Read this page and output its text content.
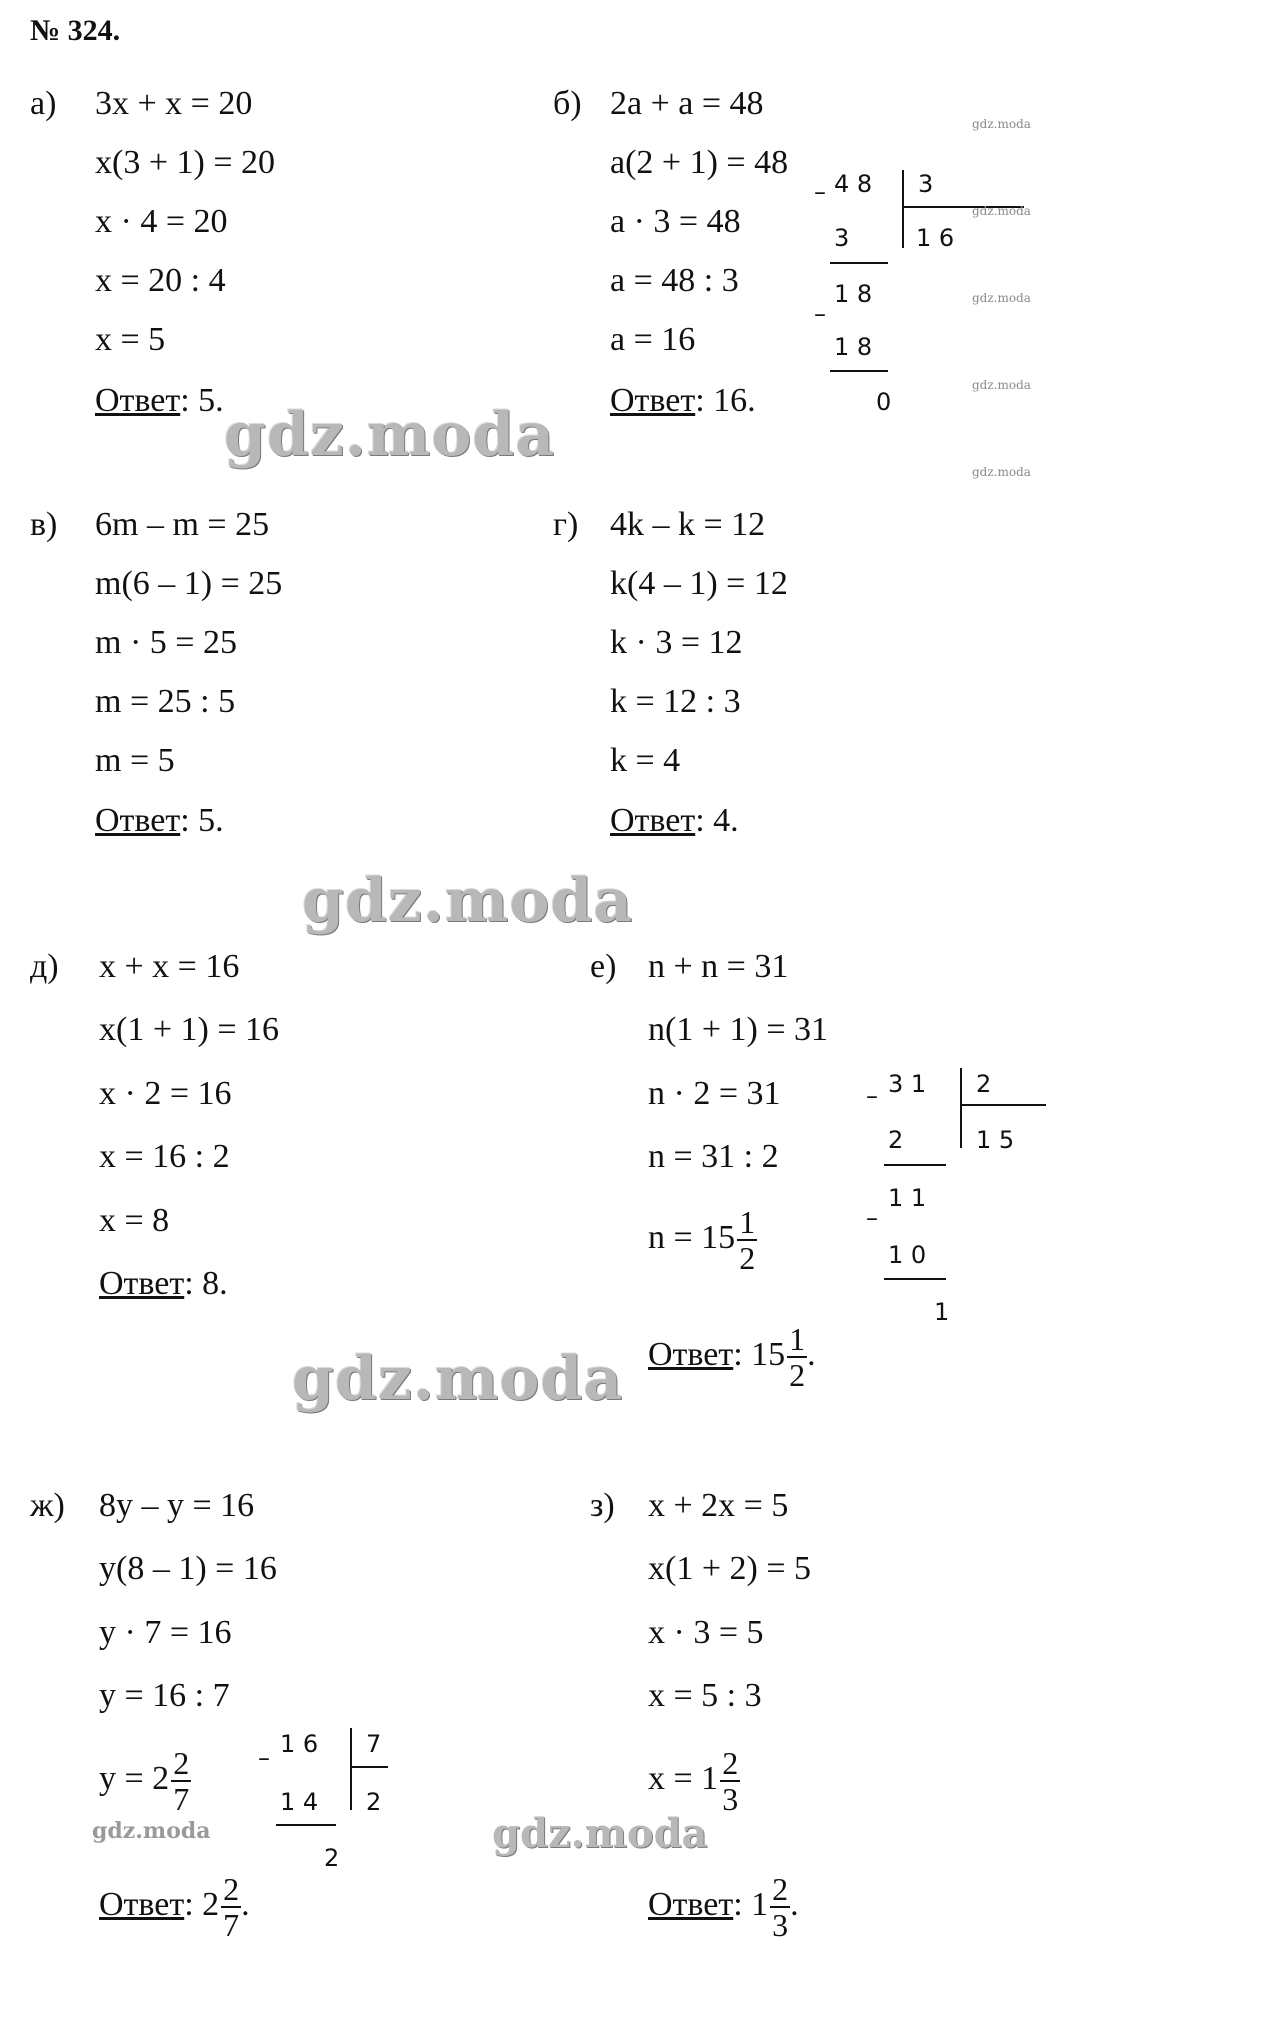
№ 324.
а) 3x + x = 20
x(3 + 1) = 20
x · 4 = 20
x = 20 : 4
x = 5
Ответ: 5.
б) 2a + a = 48
a(2 + 1) = 48
a · 3 = 48
a = 48 : 3
a = 16
Ответ: 16.
– 4 8 3
1 6
3
1 8
–
1 8
0
gdz.moda
gdz.moda
gdz.moda
gdz.moda
gdz.moda
gdz.moda
в) 6m – m = 25
m(6 – 1) = 25
m · 5 = 25
m = 25 : 5
m = 5
Ответ: 5.
г) 4k – k = 12
k(4 – 1) = 12
k · 3 = 12
k = 12 : 3
k = 4
Ответ: 4.
gdz.moda
д) x + x = 16
x(1 + 1) = 16
x · 2 = 16
x = 16 : 2
x = 8
Ответ: 8.
е) n + n = 31
n(1 + 1) = 31
n · 2 = 31
n = 31 : 2
$n = 15 \frac{1}{2}$
Ответ: $15 \frac{1}{2}$ .
– 3 1 2
1 5
2
1 1
–
1 0
1
gdz.moda
ж) 8y – y = 16
y(8 – 1) = 16
y · 7 = 16
y = 16 : 7
$y = 2 \frac{2}{7}$
Ответ: $2 \frac{2}{7}$ .
– 1 6 7
2
1 4
2
gdz.moda
з) x + 2x = 5
x(1 + 2) = 5
x · 3 = 5
x = 5 : 3
$x = 1 \frac{2}{3}$
Ответ: $1 \frac{2}{3}$ .
gdz.moda
